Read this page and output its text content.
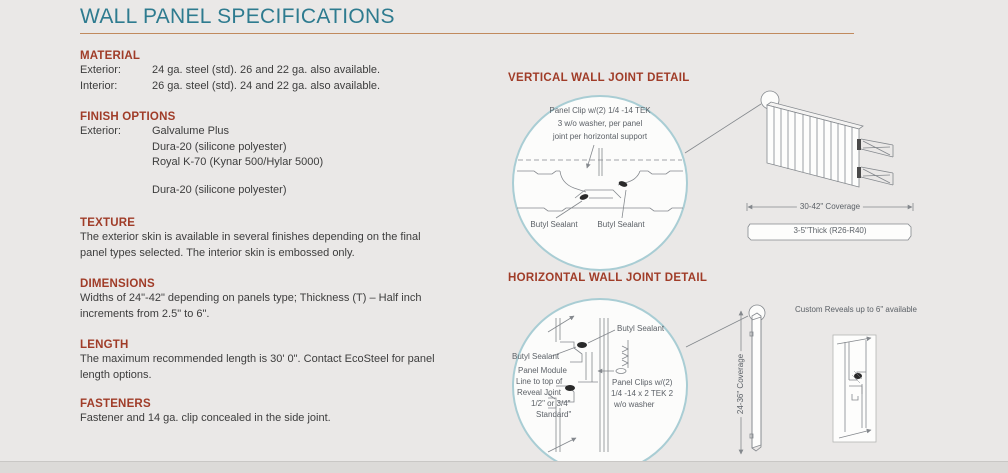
WALL PANEL SPECIFICATIONS
MATERIAL
Exterior:	24 ga. steel (std). 26 and 22 ga. also available.
Interior:	26 ga. steel (std). 24 and 22 ga. also available.
FINISH OPTIONS
Exterior:	Galvalume Plus
Dura-20 (silicone polyester)
Royal K-70 (Kynar 500/Hylar 5000)
Dura-20 (silicone polyester)
TEXTURE
The exterior skin is available in several finishes depending on the final panel types selected. The interior skin is embossed only.
DIMENSIONS
Widths of 24"-42" depending on panels type; Thickness (T) – Half inch increments from 2.5" to 6".
LENGTH
The maximum recommended length is 30' 0". Contact EcoSteel for panel length options.
FASTENERS
Fastener and 14 ga. clip concealed in the side joint.
VERTICAL WALL JOINT DETAIL
HORIZONTAL WALL JOINT DETAIL
Panel Clip w/(2) 1/4 -14 TEK
3 w/o washer, per panel
joint per horizontal support
Butyl Sealant Butyl Sealant
30-42" Coverage
3-5"Thick (R26-R40)
Butyl Sealant
Butyl Sealant
Panel Module
Line to top of
Reveal Joint
1/2" or 3/4"
Standard"
Panel Clips w/(2)
1/4 -14 x 2 TEK 2
w/o washer	24-36" Coverage
Custom Reveals up to 6" available
